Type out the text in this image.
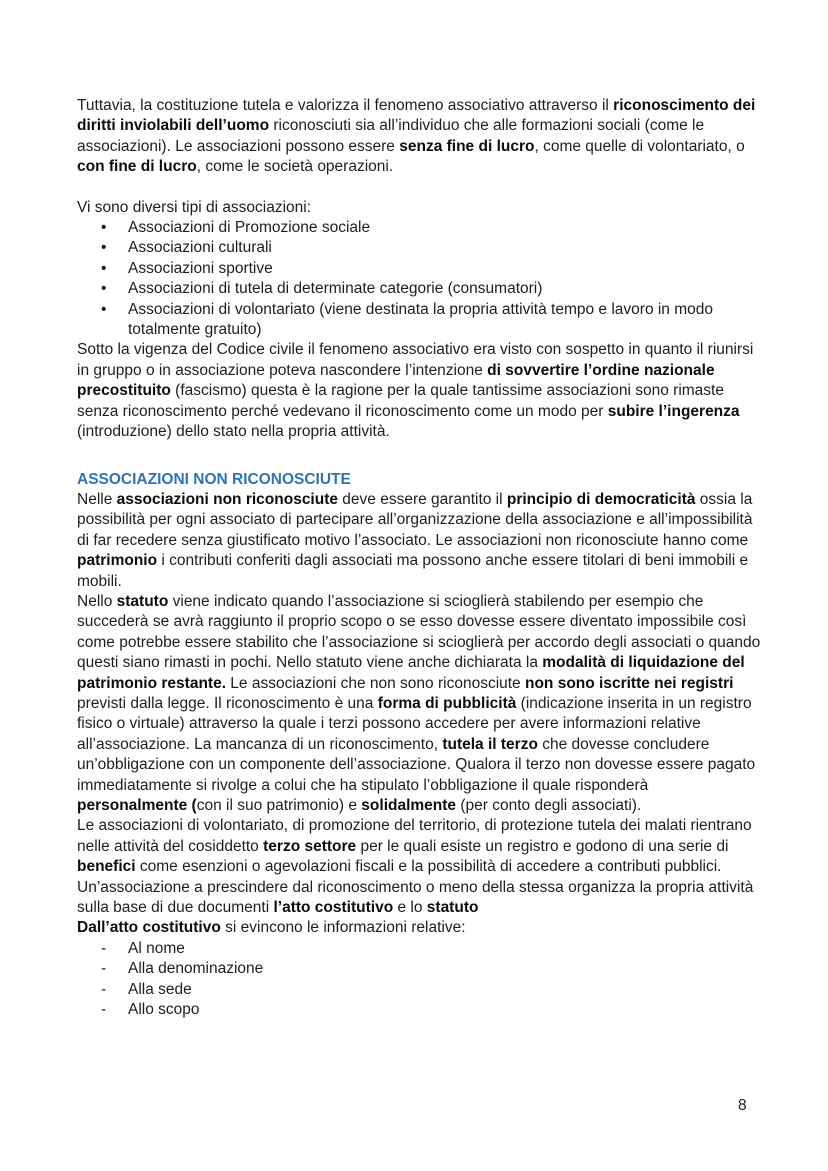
Tuttavia, la costituzione tutela e valorizza il fenomeno associativo attraverso il riconoscimento dei diritti inviolabili dell’uomo riconosciuti sia all’individuo che alle formazioni sociali (come le associazioni). Le associazioni possono essere senza fine di lucro, come quelle di volontariato, o con fine di lucro, come le società operazioni.

Vi sono diversi tipi di associazioni:

•	Associazioni di Promozione sociale
•	Associazioni culturali
•	Associazioni sportive
•	Associazioni di tutela di determinate categorie (consumatori)
•	Associazioni di volontariato (viene destinata la propria attività tempo e lavoro in modo totalmente gratuito)

Sotto la vigenza del Codice civile il fenomeno associativo era visto con sospetto in quanto il riunirsi in gruppo o in associazione poteva nascondere l’intenzione di sovvertire l’ordine nazionale precostituito (fascismo) questa è la ragione per la quale tantissime associazioni sono rimaste senza riconoscimento perché vedevano il riconoscimento come un modo per subire l’ingerenza (introduzione) dello stato nella propria attività.

ASSOCIAZIONI NON RICONOSCIUTE

Nelle associazioni non riconosciute deve essere garantito il principio di democraticità ossia la possibilità per ogni associato di partecipare all’organizzazione della associazione e all’impossibilità di far recedere senza giustificato motivo l’associato. Le associazioni non riconosciute hanno come patrimonio i contributi conferiti dagli associati ma possono anche essere titolari di beni immobili e mobili.

Nello statuto viene indicato quando l’associazione si scioglierà stabilendo per esempio che succederà se avrà raggiunto il proprio scopo o se esso dovesse essere diventato impossibile così come potrebbe essere stabilito che l’associazione si scioglierà per accordo degli associati o quando questi siano rimasti in pochi. Nello statuto viene anche dichiarata la modalità di liquidazione del patrimonio restante. Le associazioni che non sono riconosciute non sono iscritte nei registri previsti dalla legge. Il riconoscimento è una forma di pubblicità (indicazione inserita in un registro fisico o virtuale) attraverso la quale i terzi possono accedere per avere informazioni relative all’associazione. La mancanza di un riconoscimento, tutela il terzo che dovesse concludere un’obbligazione con un componente dell’associazione. Qualora il terzo non dovesse essere pagato immediatamente si rivolge a colui che ha stipulato l’obbligazione il quale risponderà personalmente (con il suo patrimonio) e solidalmente (per conto degli associati).

Le associazioni di volontariato, di promozione del territorio, di protezione tutela dei malati rientrano nelle attività del cosiddetto terzo settore per le quali esiste un registro e godono di una serie di benefici come esenzioni o agevolazioni fiscali e la possibilità di accedere a contributi pubblici.

Un’associazione a prescindere dal riconoscimento o meno della stessa organizza la propria attività sulla base di due documenti l’atto costitutivo e lo statuto

Dall’atto costitutivo si evincono le informazioni relative:

-	Al nome
-	Alla denominazione
-	Alla sede
-	Allo scopo
8
